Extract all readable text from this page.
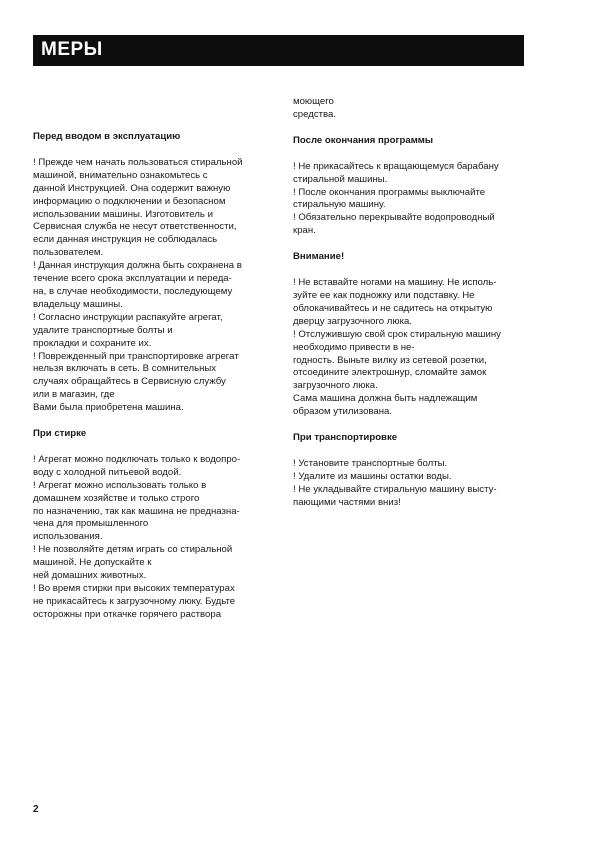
МЕРЫ
Перед вводом в эксплуатацию
! Прежде чем начать пользоваться стиральной
машиной, внимательно ознакомьтесь с
данной Инструкцией. Она содержит важную
информацию о подключении и безопасном
использовании машины. Изготовитель и
Сервисная служба не несут ответственности,
если данная инструкция не соблюдалась
пользователем.
! Данная инструкция должна быть сохранена в
течение всего срока эксплуатации и переда-
на, в случае необходимости, последующему
владельцу машины.
! Согласно инструкции распакуйте агрегат,
удалите транспортные болты и
прокладки и сохраните их.
! Поврежденный при транспортировке агрегат
нельзя включать в сеть. В сомнительных
случаях обращайтесь в Сервисную службу
или в магазин, где
Вами была приобретена машина.
При стирке
! Агрегат можно подключать только к водопро-
воду с холодной питьевой водой.
! Агрегат можно использовать только в
домашнем хозяйстве и только строго
по назначению, так как машина не предназна-
чена для промышленного
использования.
! Не позволяйте детям играть со стиральной
машиной. Не допускайте к
ней домашних животных.
! Во время стирки при высоких температурах
не прикасайтесь к загрузочному люку. Будьте
осторожны при откачке горячего раствора
моющего
средства.
После окончания программы
! Не прикасайтесь к вращающемуся барабану
стиральной машины.
! После окончания программы выключайте
стиральную машину.
! Обязательно перекрывайте водопроводный
кран.
Внимание!
! Не вставайте ногами на машину. Не исполь-
зуйте ее как подножку или подставку. Не
облокачивайтесь и не садитесь на открытую
дверцу загрузочного люка.
! Отслужившую свой срок стиральную машину
необходимо привести в не-
годность. Выньте вилку из сетевой розетки,
отсоедините электрошнур, сломайте замок
загрузочного люка.
Сама машина должна быть надлежащим
образом утилизована.
При транспортировке
! Установите транспортные болты.
! Удалите из машины остатки воды.
! Не укладывайте стиральную машину высту-
пающими частями вниз!
2
